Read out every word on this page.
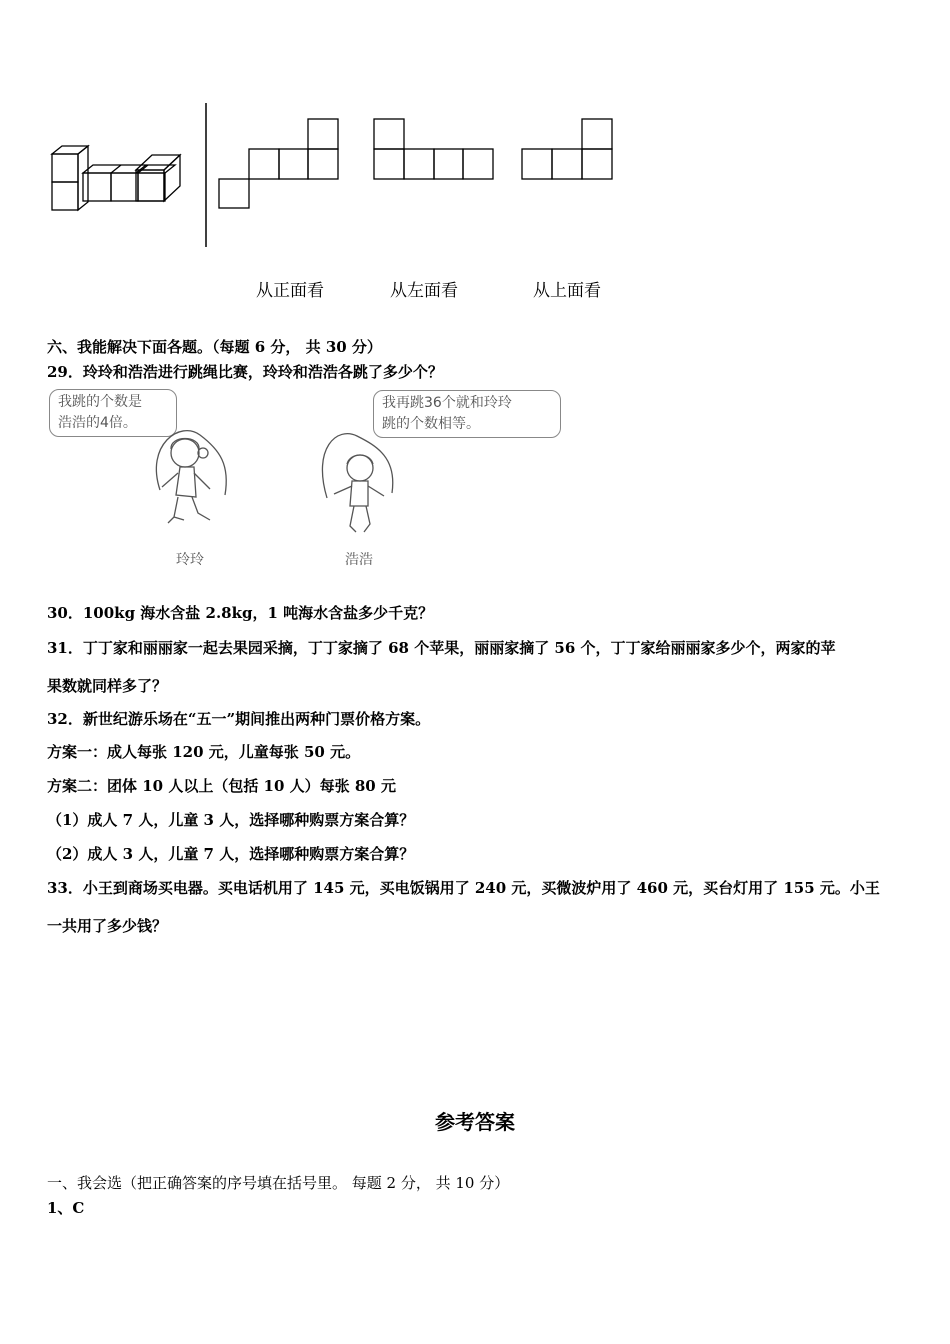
从正面看	从左面看	从上面看
六、我能解决下面各题。（每题 6 分， 共 30 分）
29．玲玲和浩浩进行跳绳比赛，玲玲和浩浩各跳了多少个？
我跳的个数是
浩浩的4倍。
我再跳36个就和玲玲
跳的个数相等。
玲玲	浩浩
30．100kg 海水含盐 2.8kg，1 吨海水含盐多少千克？
31．丁丁家和丽丽家一起去果园采摘，丁丁家摘了 68 个苹果，丽丽家摘了 56 个，丁丁家给丽丽家多少个，两家的苹
果数就同样多了？
32．新世纪游乐场在“五一”期间推出两种门票价格方案。
方案一：成人每张 120 元，儿童每张 50 元。
方案二：团体 10 人以上（包括 10 人）每张 80 元
（1）成人 7 人，儿童 3 人，选择哪种购票方案合算？
（2）成人 3 人，儿童 7 人，选择哪种购票方案合算？
33．小王到商场买电器。买电话机用了 145 元，买电饭锅用了 240 元，买微波炉用了 460 元，买台灯用了 155 元。小王
一共用了多少钱？
参考答案
一、我会选（把正确答案的序号填在括号里。 每题 2 分， 共 10 分）
1、C
